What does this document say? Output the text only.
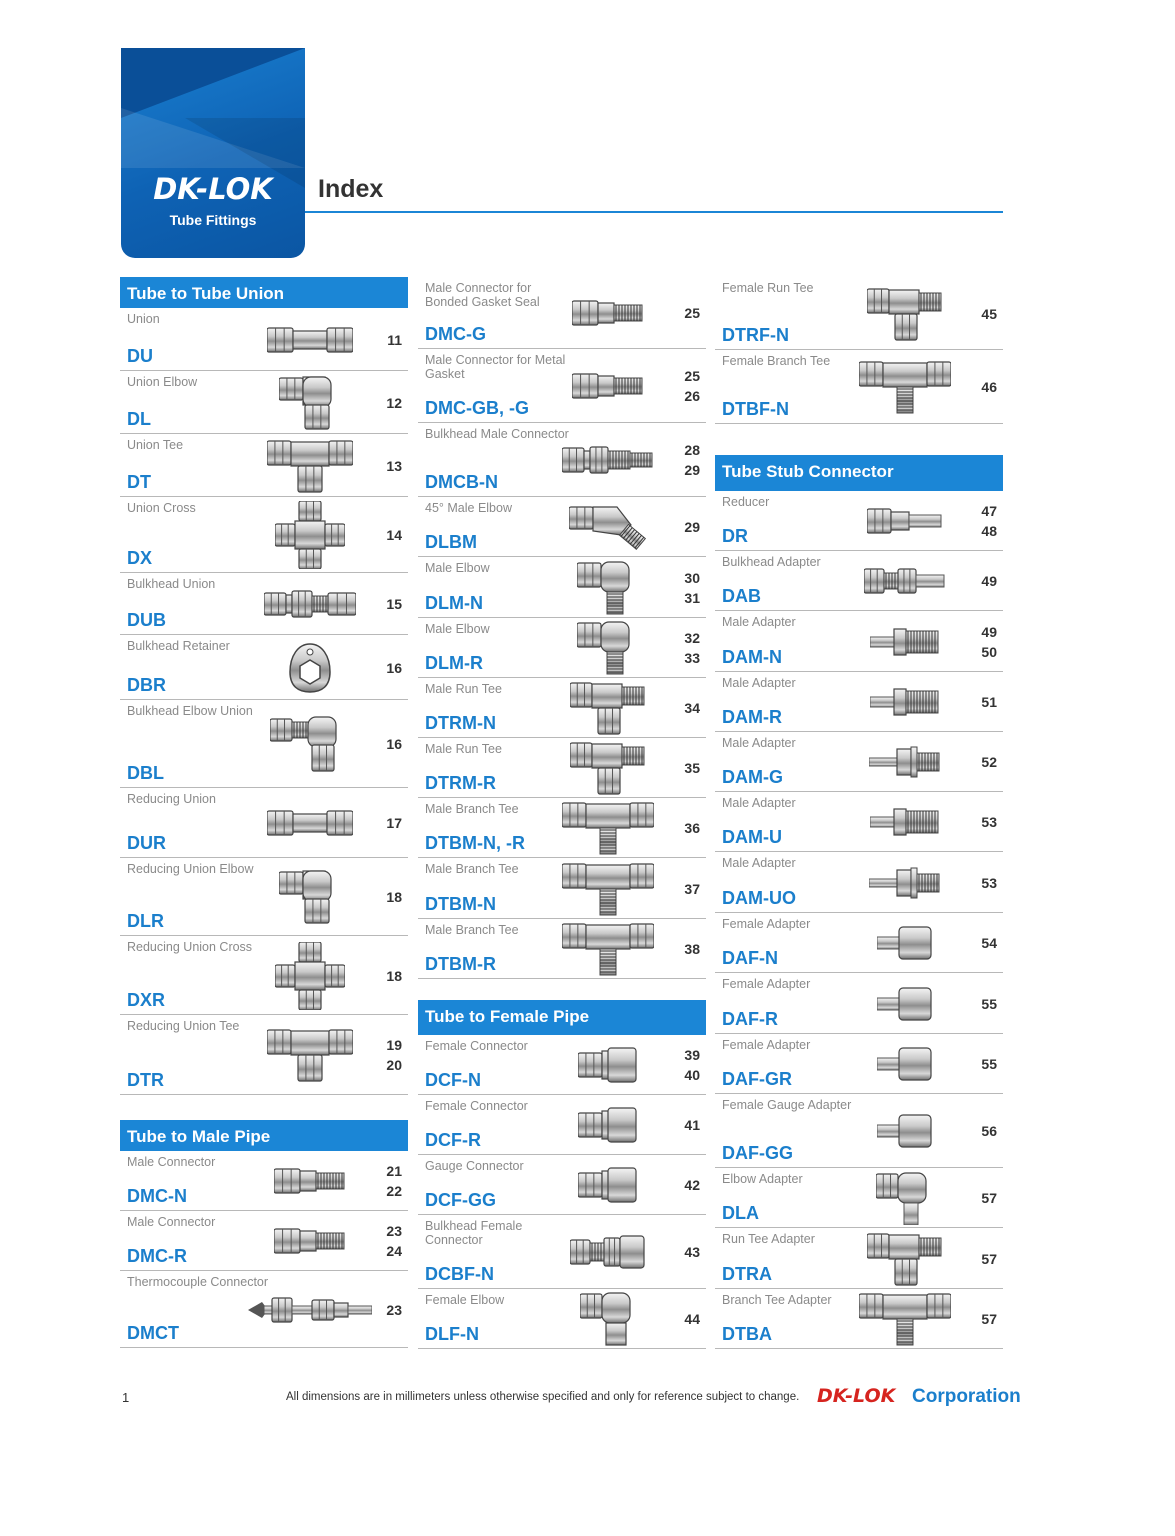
DK-LOK
Tube Fittings
Index
Tube to Tube Union
Union
DU
11
Union Elbow
DL
12
Union Tee
DT
13
Union Cross
DX
14
Bulkhead Union
DUB
15
Bulkhead Retainer
DBR
16
Bulkhead Elbow Union
DBL
16
Reducing Union
DUR
17
Reducing Union Elbow
DLR
18
Reducing Union Cross
DXR
18
Reducing Union Tee
DTR
19
20
Tube to Male Pipe
Male Connector
DMC-N
21
22
Male Connector
DMC-R
23
24
Thermocouple Connector
DMCT
23
Male Connector for Bonded Gasket Seal
DMC-G
25
Male Connector for Metal Gasket
DMC-GB, -G
25
26
Bulkhead Male Connector
DMCB-N
28
29
45° Male Elbow
DLBM
29
Male Elbow
DLM-N
30
31
Male Elbow
DLM-R
32
33
Male Run Tee
DTRM-N
34
Male Run Tee
DTRM-R
35
Male Branch Tee
DTBM-N, -R
36
Male Branch Tee
DTBM-N
37
Male Branch Tee
DTBM-R
38
Tube to Female Pipe
Female Connector
DCF-N
39
40
Female Connector
DCF-R
41
Gauge Connector
DCF-GG
42
Bulkhead Female Connector
DCBF-N
43
Female Elbow
DLF-N
44
Female Run Tee
DTRF-N
45
Female Branch Tee
DTBF-N
46
Tube Stub Connector
Reducer
DR
47
48
Bulkhead Adapter
DAB
49
Male Adapter
DAM-N
49
50
Male Adapter
DAM-R
51
Male Adapter
DAM-G
52
Male Adapter
DAM-U
53
Male Adapter
DAM-UO
53
Female Adapter
DAF-N
54
Female Adapter
DAF-R
55
Female Adapter
DAF-GR
55
Female Gauge Adapter
DAF-GG
56
Elbow Adapter
DLA
57
Run Tee Adapter
DTRA
57
Branch Tee Adapter
DTBA
57
1	All dimensions are in millimeters unless otherwise specified and only for reference subject to change. DK-LOK Corporation
